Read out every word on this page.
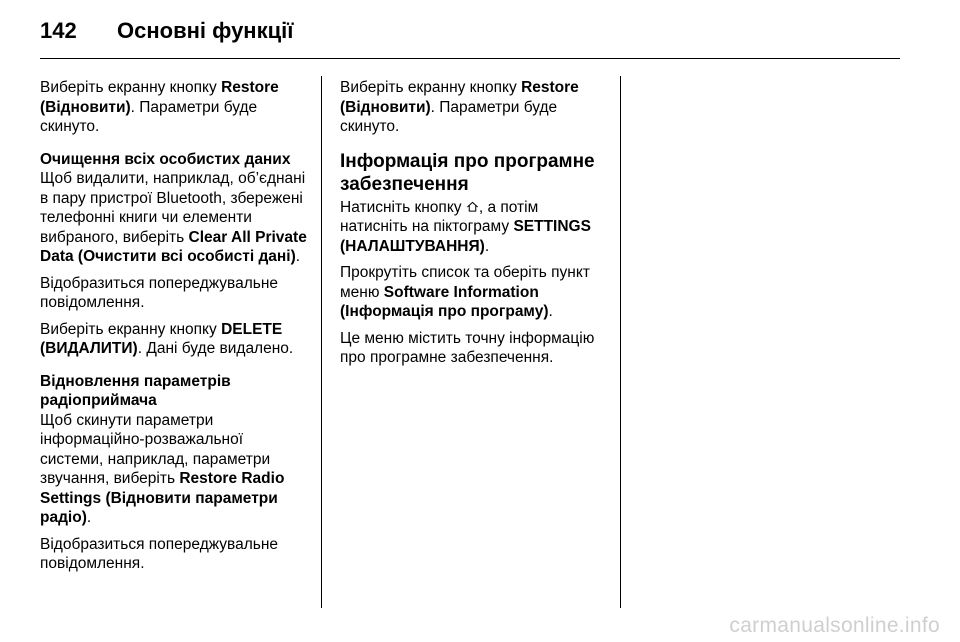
142 Основні функції

Виберіть екранну кнопку Restore (Відновити). Параметри буде скинуто.

Очищення всіх особистих даних

Щоб видалити, наприклад, об’єднані в пару пристрої Bluetooth, збережені телефонні книги чи елементи вибраного, виберіть Clear All Private Data (Очистити всі особисті дані).

Відобразиться попереджувальне повідомлення.

Виберіть екранну кнопку DELETE (ВИДАЛИТИ). Дані буде видалено.

Відновлення параметрів радіоприймача

Щоб скинути параметри інформаційно-розважальної системи, наприклад, параметри звучання, виберіть Restore Radio Settings (Відновити параметри радіо).

Відобразиться попереджувальне повідомлення.

Виберіть екранну кнопку Restore (Відновити). Параметри буде скинуто.

Інформація про програмне забезпечення

Натисніть кнопку , а потім натисніть на піктограму SETTINGS (НАЛАШТУВАННЯ).

Прокрутіть список та оберіть пункт меню Software Information (Інформація про програму).

Це меню містить точну інформацію про програмне забезпечення.

carmanualsonline.info
